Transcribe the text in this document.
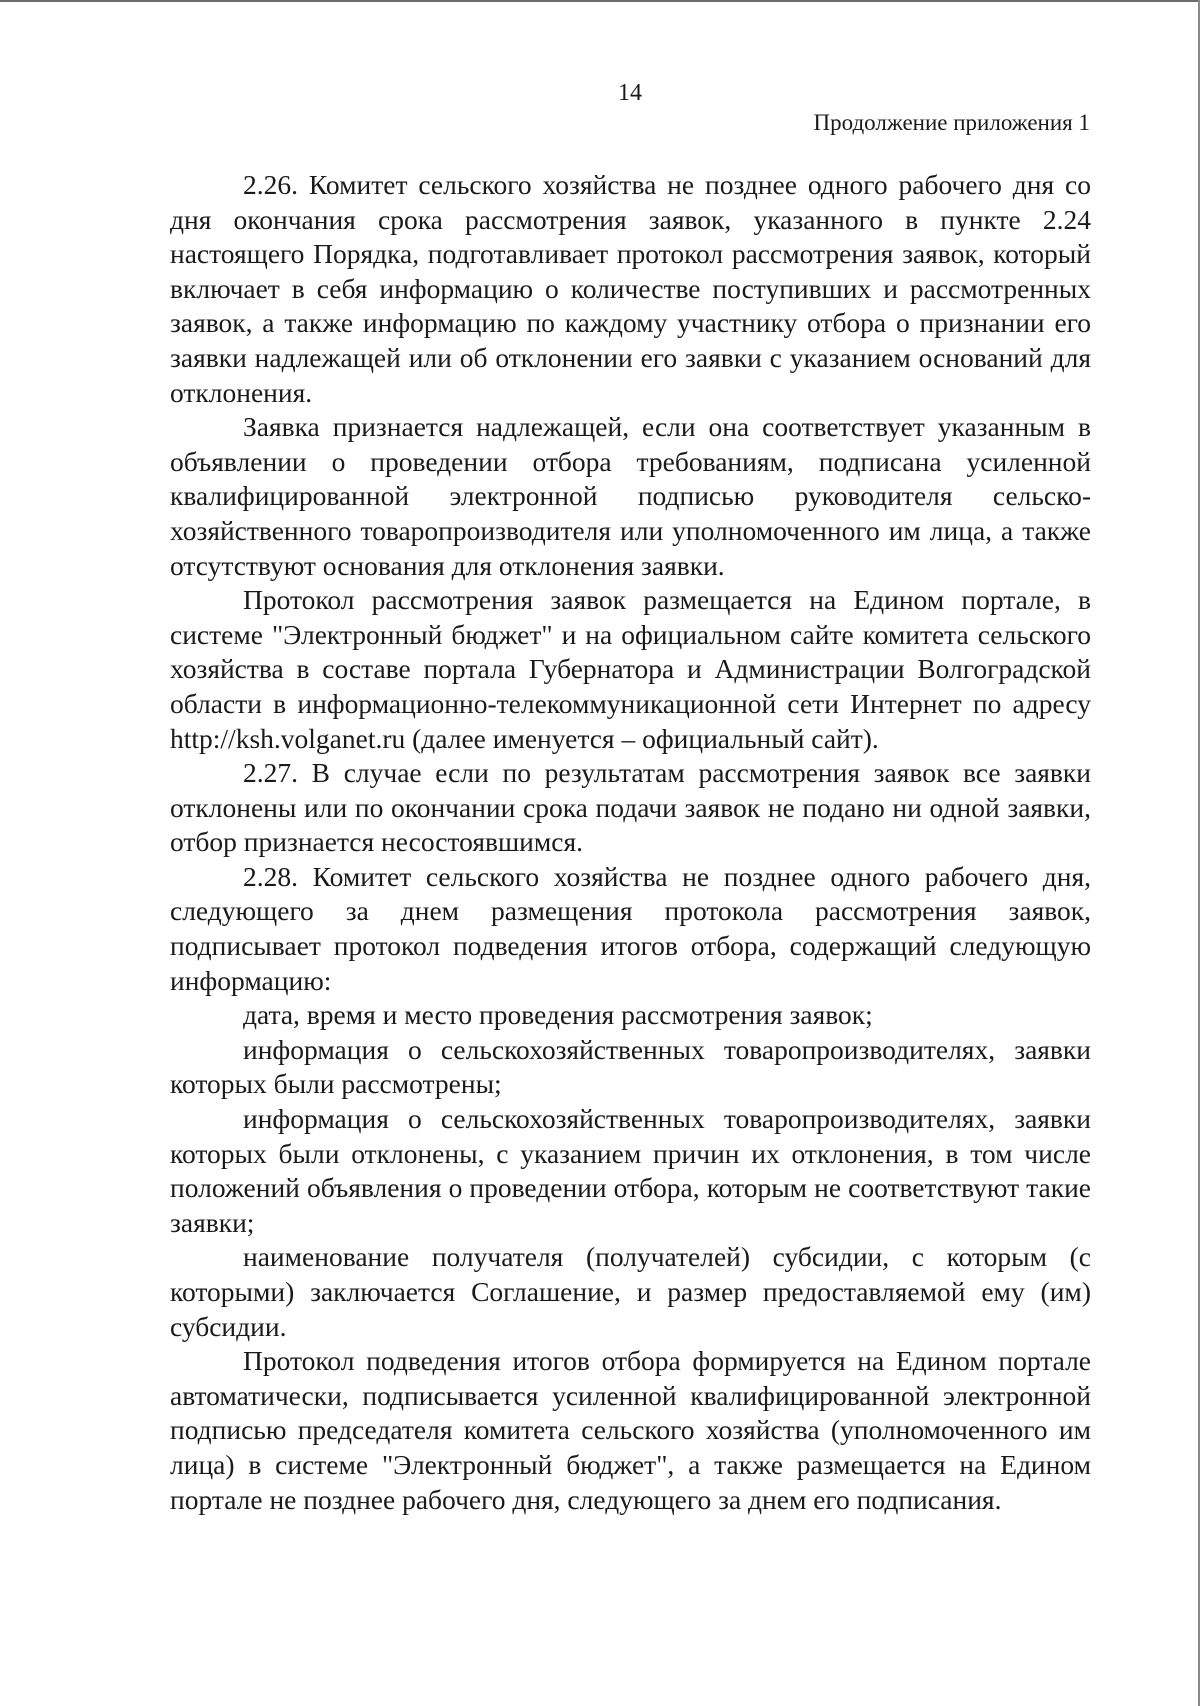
14
Продолжение приложения 1

2.26. Комитет сельского хозяйства не позднее одного рабочего дня со дня окончания срока рассмотрения заявок, указанного в пункте 2.24 настоящего Порядка, подготавливает протокол рассмотрения заявок, который включает в себя информацию о количестве поступивших и рассмотренных заявок, а также информацию по каждому участнику отбора о признании его заявки надлежащей или об отклонении его заявки с указанием оснований для отклонения.

Заявка признается надлежащей, если она соответствует указанным в объявлении о проведении отбора требованиям, подписана усиленной квалифицированной электронной подписью руководителя сельско-хозяйственного товаропроизводителя или уполномоченного им лица, а также отсутствуют основания для отклонения заявки.

Протокол рассмотрения заявок размещается на Едином портале, в системе "Электронный бюджет" и на официальном сайте комитета сельского хозяйства в составе портала Губернатора и Администрации Волгоградской области в информационно-телекоммуникационной сети Интернет по адресу http://ksh.volganet.ru (далее именуется – официальный сайт).

2.27. В случае если по результатам рассмотрения заявок все заявки отклонены или по окончании срока подачи заявок не подано ни одной заявки, отбор признается несостоявшимся.

2.28. Комитет сельского хозяйства не позднее одного рабочего дня, следующего за днем размещения протокола рассмотрения заявок, подписывает протокол подведения итогов отбора, содержащий следующую информацию:

дата, время и место проведения рассмотрения заявок;

информация о сельскохозяйственных товаропроизводителях, заявки которых были рассмотрены;

информация о сельскохозяйственных товаропроизводителях, заявки которых были отклонены, с указанием причин их отклонения, в том числе положений объявления о проведении отбора, которым не соответствуют такие заявки;

наименование получателя (получателей) субсидии, с которым (с которыми) заключается Соглашение, и размер предоставляемой ему (им) субсидии.

Протокол подведения итогов отбора формируется на Едином портале автоматически, подписывается усиленной квалифицированной электронной подписью председателя комитета сельского хозяйства (уполномоченного им лица) в системе "Электронный бюджет", а также размещается на Едином портале не позднее рабочего дня, следующего за днем его подписания.
